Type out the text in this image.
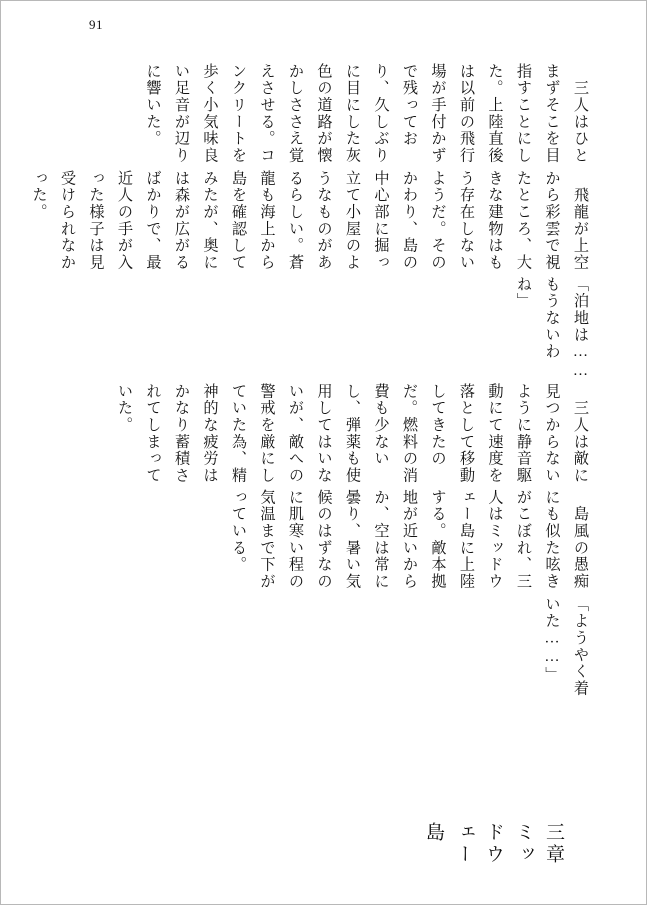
91
三章　ミッドウェー島
「ようやく着いた……」
　島風の愚痴にも似た呟きがこぼれ、三人はミッドウェー島に上陸する。敵本拠地が近いからか、空は常に曇り、暑い気候のはずなのに肌寒い程の気温まで下がっている。
　三人は敵に見つからないように静音駆動にて速度を落として移動してきたのだ。燃料の消費も少ないし、弾薬も使用してはいないが、敵への警戒を厳にしていた為、精神的な疲労はかなり蓄積されてしまっていた。
「泊地は……もうないわね」
　飛龍が上空から彩雲で視たところ、大きな建物はもう存在しないようだ。そのかわり、島の中心部に掘っ立て小屋のようなものがあるらしい。蒼龍も海上から島を確認してみたが、奥には森が広がるばかりで、最近人の手が入った様子は見受けられなかった。
　三人はひとまずそこを目指すことにした。上陸直後は以前の飛行場が手付かずで残っており、久しぶりに目にした灰色の道路が懐かしささえ覚えさせる。コンクリートを歩く小気味良い足音が辺りに響いた。
